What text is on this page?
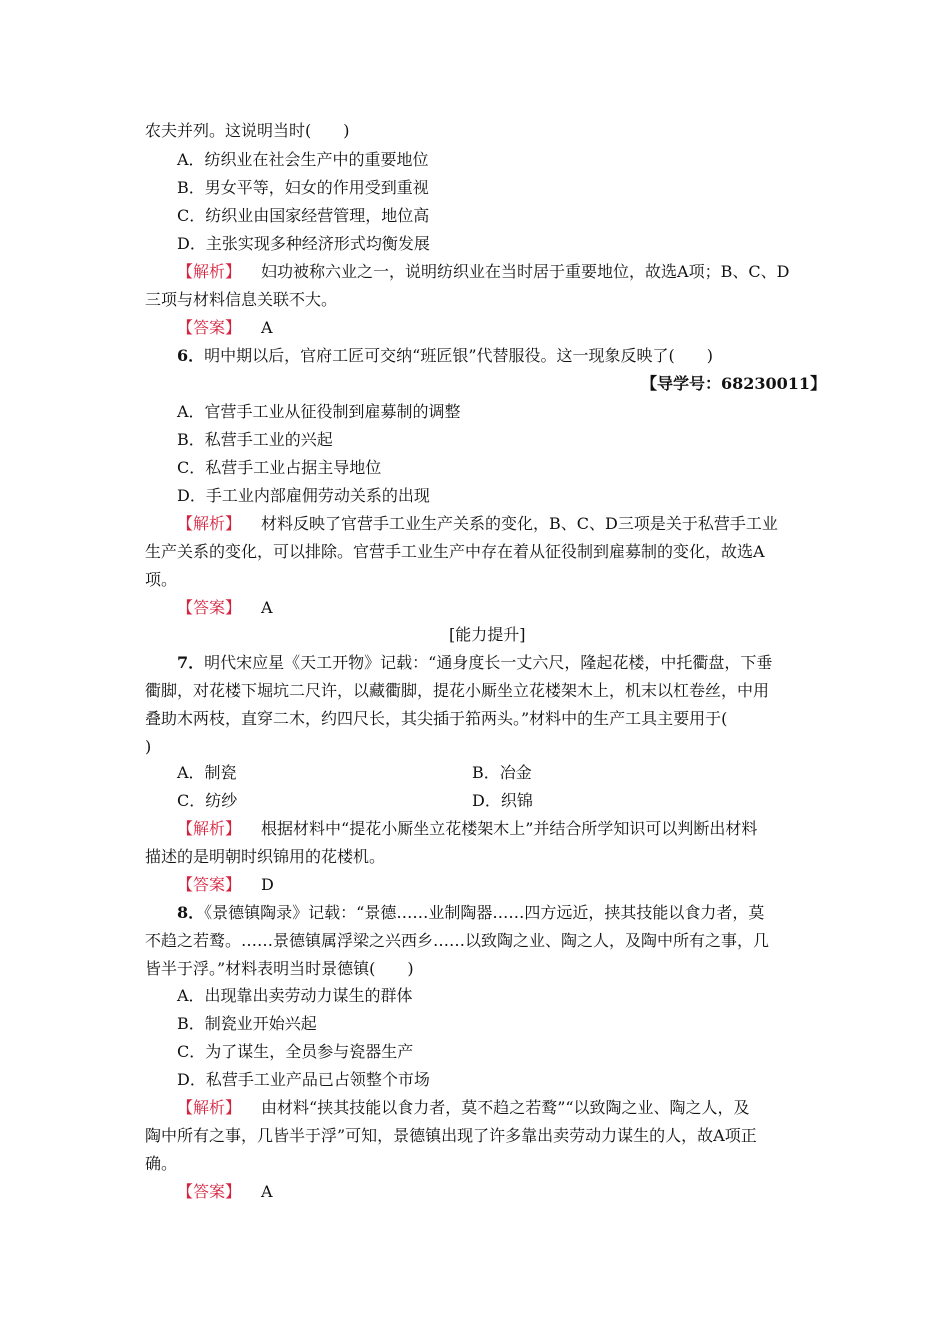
农夫并列。这说明当时(　　)
A．纺织业在社会生产中的重要地位
B．男女平等，妇女的作用受到重视
C．纺织业由国家经营管理，地位高
D．主张实现多种经济形式均衡发展
【解析】 妇功被称六业之一，说明纺织业在当时居于重要地位，故选A项；B、C、D
三项与材料信息关联不大。
【答案】 A
6．明中期以后，官府工匠可交纳“班匠银”代替服役。这一现象反映了(　　)
【导学号：68230011】
A．官营手工业从征役制到雇募制的调整
B．私营手工业的兴起
C．私营手工业占据主导地位
D．手工业内部雇佣劳动关系的出现
【解析】 材料反映了官营手工业生产关系的变化，B、C、D三项是关于私营手工业
生产关系的变化，可以排除。官营手工业生产中存在着从征役制到雇募制的变化，故选A
项。
【答案】 A
[能力提升]
7．明代宋应星《天工开物》记载：“通身度长一丈六尺，隆起花楼，中托衢盘，下垂
衢脚，对花楼下堀坑二尺许，以藏衢脚，提花小厮坐立花楼架木上，机末以杠卷丝，中用
叠助木两枝，直穿二木，约四尺长，其尖插于筘两头。”材料中的生产工具主要用于(
)
A．制瓷	B．冶金
C．纺纱	D．织锦
【解析】 根据材料中“提花小厮坐立花楼架木上”并结合所学知识可以判断出材料
描述的是明朝时织锦用的花楼机。
【答案】 D
8．《景德镇陶录》记载：“景德……业制陶器……四方远近，挟其技能以食力者，莫
不趋之若鹜。……景德镇属浮梁之兴西乡……以致陶之业、陶之人，及陶中所有之事，几
皆半于浮。”材料表明当时景德镇(　　)
A．出现靠出卖劳动力谋生的群体
B．制瓷业开始兴起
C．为了谋生，全员参与瓷器生产
D．私营手工业产品已占领整个市场
【解析】 由材料“挟其技能以食力者，莫不趋之若鹜”“以致陶之业、陶之人，及
陶中所有之事，几皆半于浮”可知，景德镇出现了许多靠出卖劳动力谋生的人，故A项正
确。
【答案】 A
